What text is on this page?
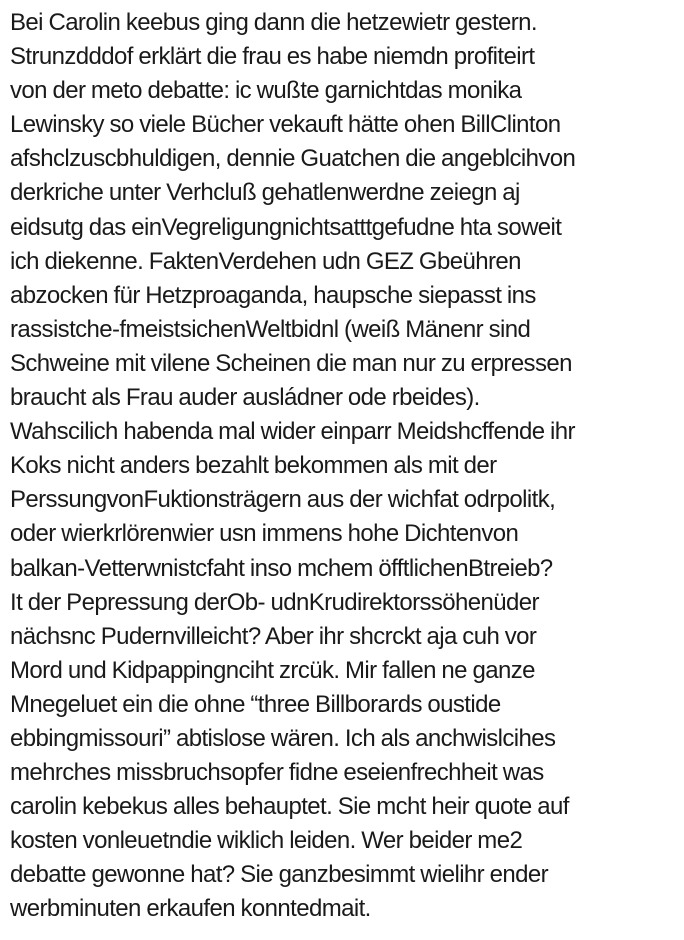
Bei Carolin keebus ging dann die hetzewietr gestern.
Strunzdddof erklärt die frau es habe niemdn profiteirt
von der meto debatte: ic wußte garnichtdas monika
Lewinsky so viele Bücher vekauft hätte ohen BillClinton
afshclzuscbhuldigen, dennie Guatchen die angeblcihvon
derkriche unter Verhcluß gehatlenwerdne zeiegn aj
eidsutg das einVegreligungnichtsatttgefudne hta soweit
ich diekenne. FaktenVerdehen udn GEZ Gbeühren
abzocken für Hetzproaganda, haupsche siepasst ins
rassistche-fmeistsichenWeltbidnl (weiß Mänenr sind
Schweine mit vilene Scheinen die man nur zu erpressen
braucht als Frau auder ausládner ode rbeides).
Wahscilich habenda mal wider einparr Meidshcffende ihr
Koks nicht anders bezahlt bekommen als mit der
PerssungvonFuktionsträgern aus der wichfat odrpolitk,
oder wierkrlörenwier usn immens hohe Dichtenvon
balkan-Vetterwnistcfaht inso mchem öfftlichenBtreieb?
It der Pepressung derOb- udnKrudirektorssöhenüder
nächsnc Pudernvilleicht? Aber ihr shcrckt aja cuh vor
Mord und Kidpappingnciht zrcük. Mir fallen ne ganze
Mnegeluet ein die ohne “three Billborards oustide
ebbingmissouri” abtislose wären. Ich als anchwislcihes
mehrches missbruchsopfer fidne eseienfrechheit was
carolin kebekus alles behauptet. Sie mcht heir quote auf
kosten vonleuetndie wiklich leiden. Wer beider me2
debatte gewonne hat? Sie ganzbesimmt wielihr ender
werbminuten erkaufen konntedmait.
